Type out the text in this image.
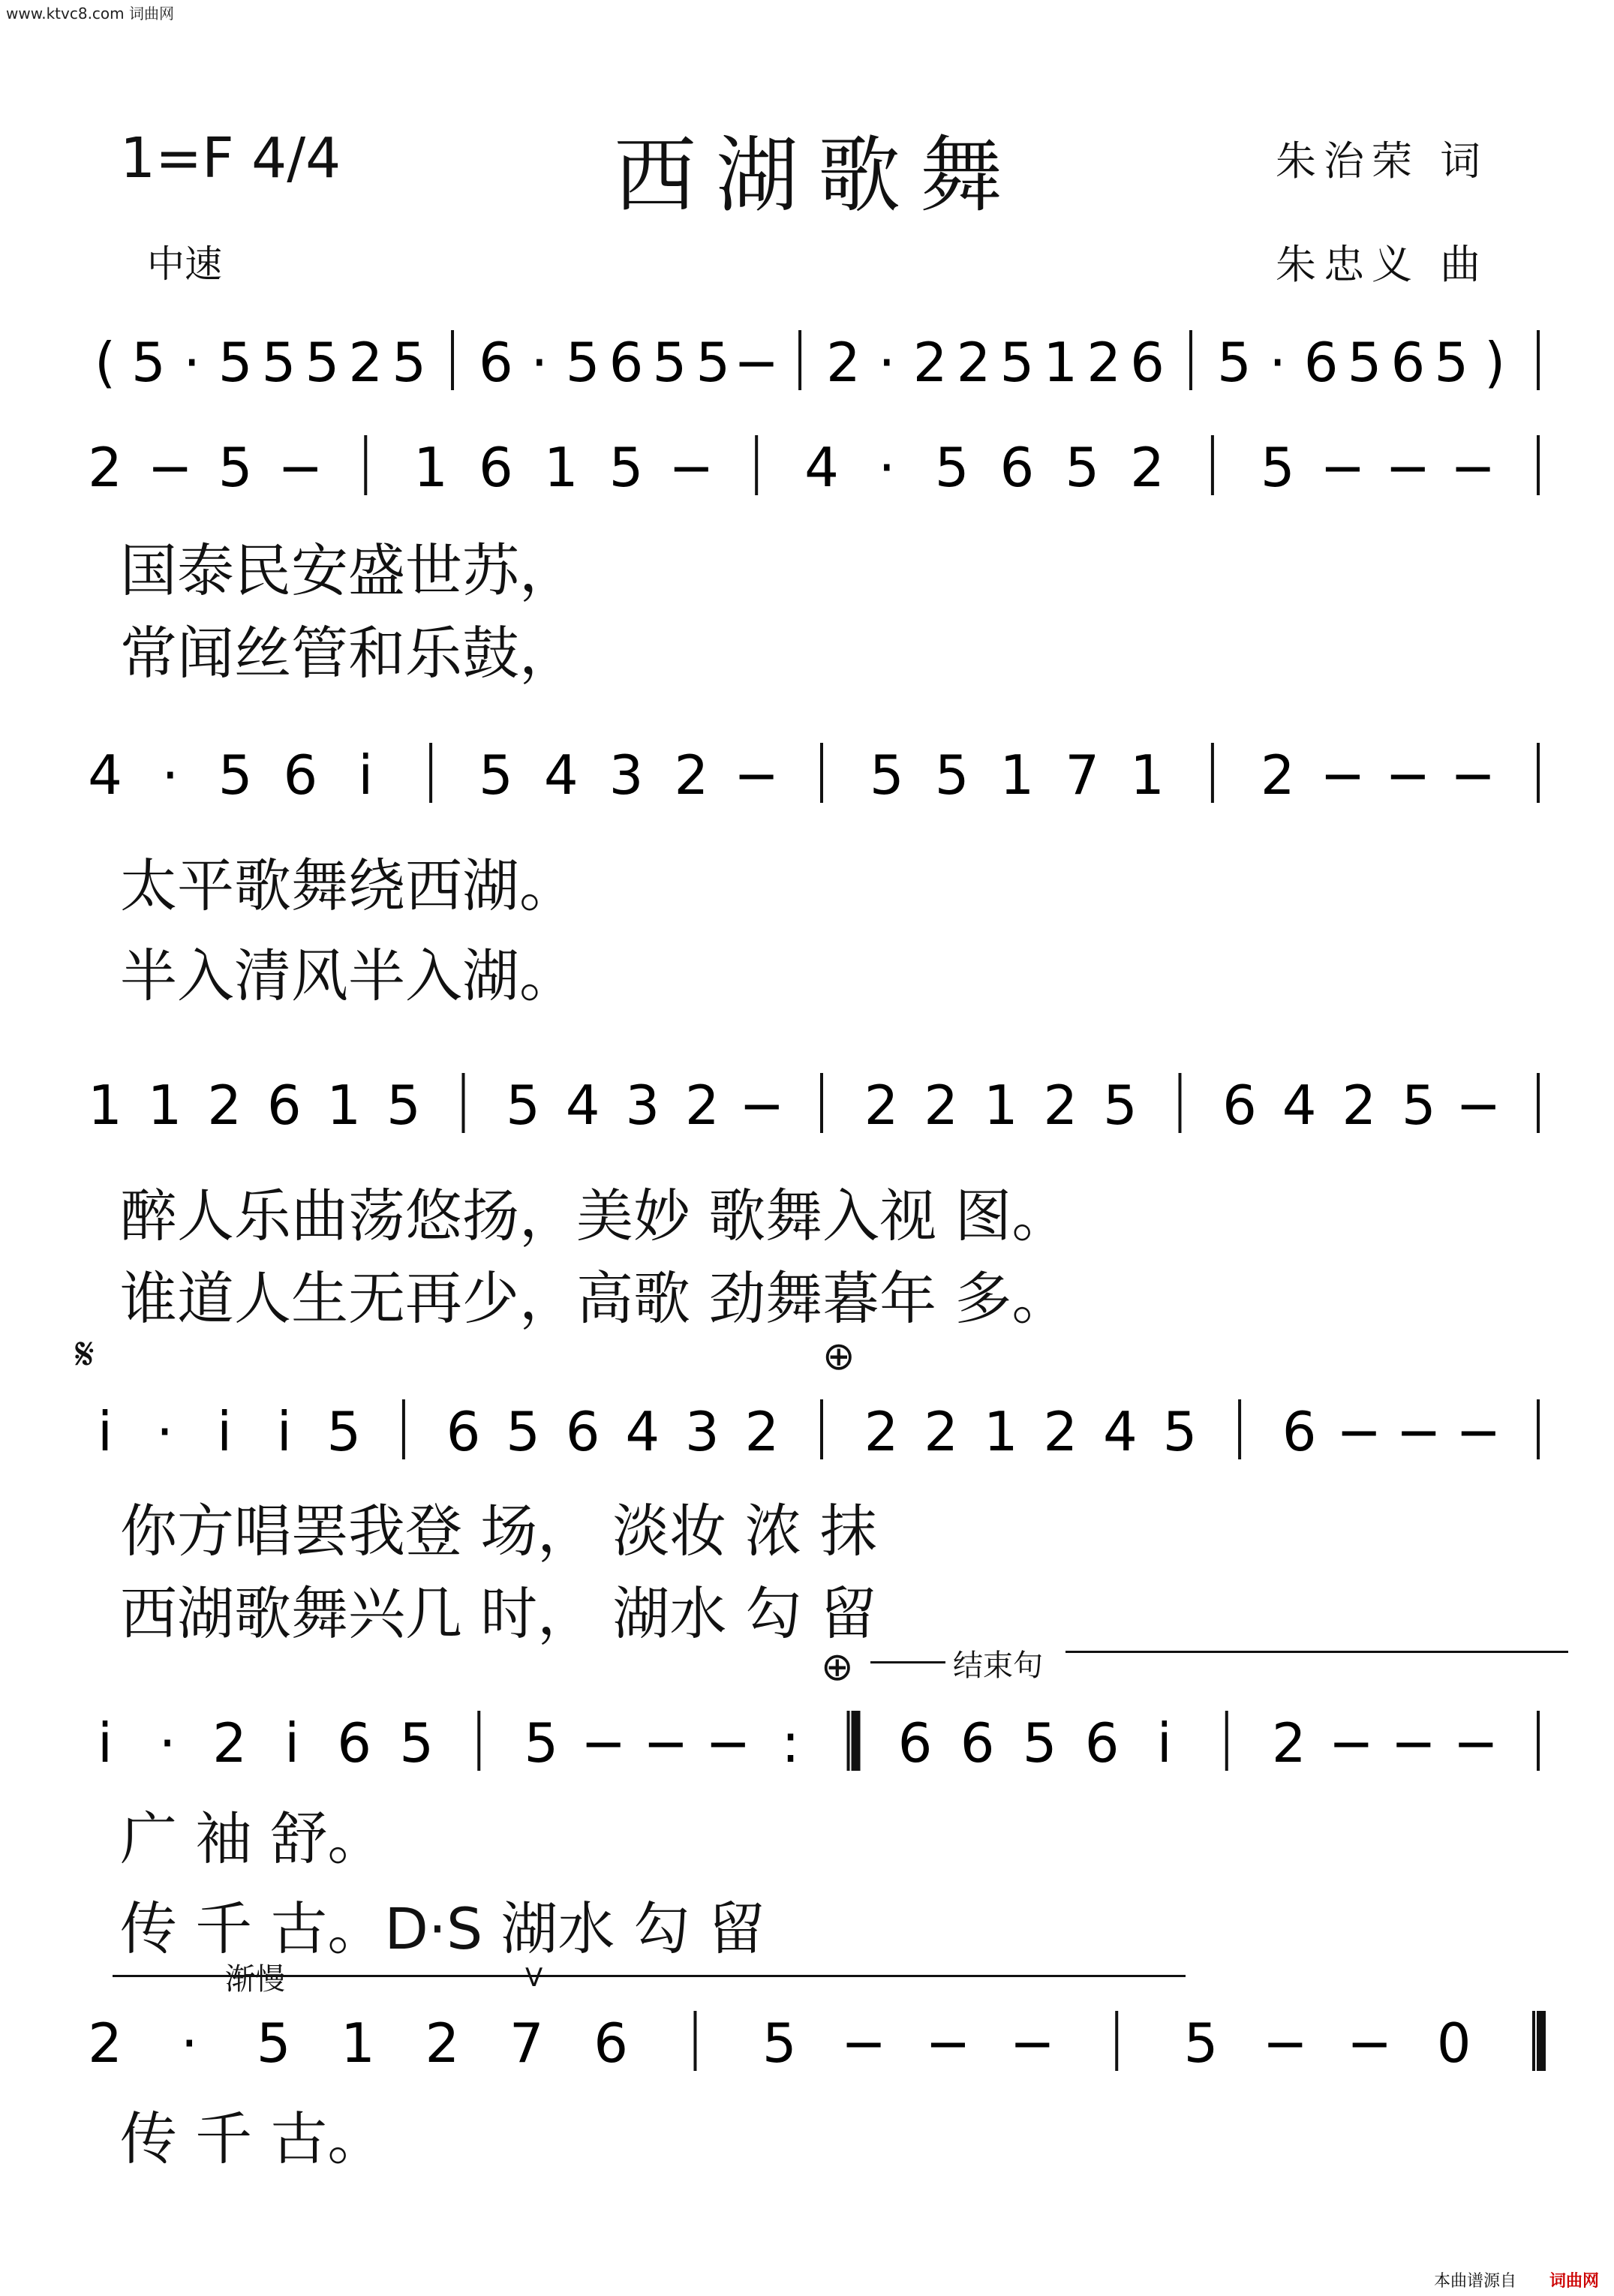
www.ktvc8.com 词曲网
1=F 4/4	西湖歌舞	朱治荣 词
朱忠义 曲
中速
( 5 · 5 5 5 2 5 6 · 5 6 5 5 − 2 · 2 2 5 1 2 6 5 · 6 5 6 5 )
2 − 5 − 1 6 1 5 − 4 · 5 6 5 2 5 − − −
国泰民安盛世苏，
常闻丝管和乐鼓，
4 · 5 6 i 5 4 3 2 − 5 5 1 7 1 2 − − −
太平歌舞绕西湖。
半入清风半入湖。
1 1 2 6 1 5 5 4 3 2 − 2 2 1 2 5 6 4 2 5 −
醉人乐曲荡悠扬，美妙 歌舞入视 图。
谁道人生无再少，高歌 劲舞暮年 多。
𝄋	⊕
i · i i 5 6 5 6 4 3 2 2 2 1 2 4 5 6 − − −
你方唱罢我登 场， 淡妆 浓 抹
西湖歌舞兴几 时， 湖水 勾 留
⊕	结束句
i · 2 i 6 5 5 − − − : 6 6 5 6 i 2 − − −
广 袖 舒。
传 千 古。D·S 湖水 勾 留
渐慢	V
2 · 5 1 2 7 6 5 − − − 5 − − 0
传 千 古。
本曲谱源自 词曲网
